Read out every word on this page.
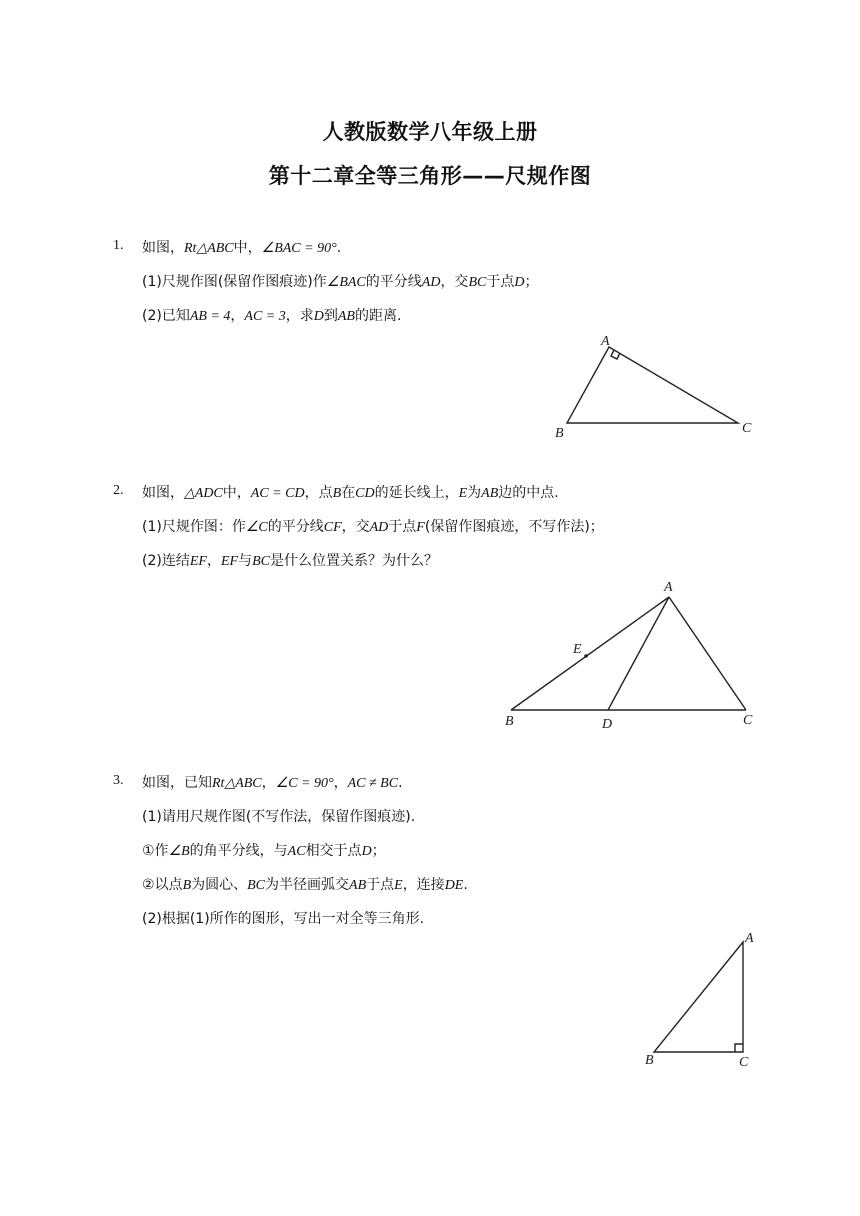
人教版数学八年级上册
第十二章全等三角形——尺规作图
1. 如图，Rt△ABC中，∠BAC = 90°.
(1)尺规作图(保留作图痕迹)作∠BAC的平分线AD，交BC于点D；
(2)已知AB = 4，AC = 3，求D到AB的距离.
A
B	C
2. 如图，△ADC中，AC = CD，点B在CD的延长线上，E为AB边的中点.
(1)尺规作图：作∠C的平分线CF，交AD于点F(保留作图痕迹，不写作法)；
(2)连结EF，EF与BC是什么位置关系？为什么？
A
B	C
D
E
3. 如图，已知Rt△ABC，∠C = 90°，AC ≠ BC.
(1)请用尺规作图(不写作法，保留作图痕迹).
①作∠B的角平分线，与AC相交于点D；
②以点B为圆心、BC为半径画弧交AB于点E，连接DE.
(2)根据(1)所作的图形，写出一对全等三角形.
A
B	C
